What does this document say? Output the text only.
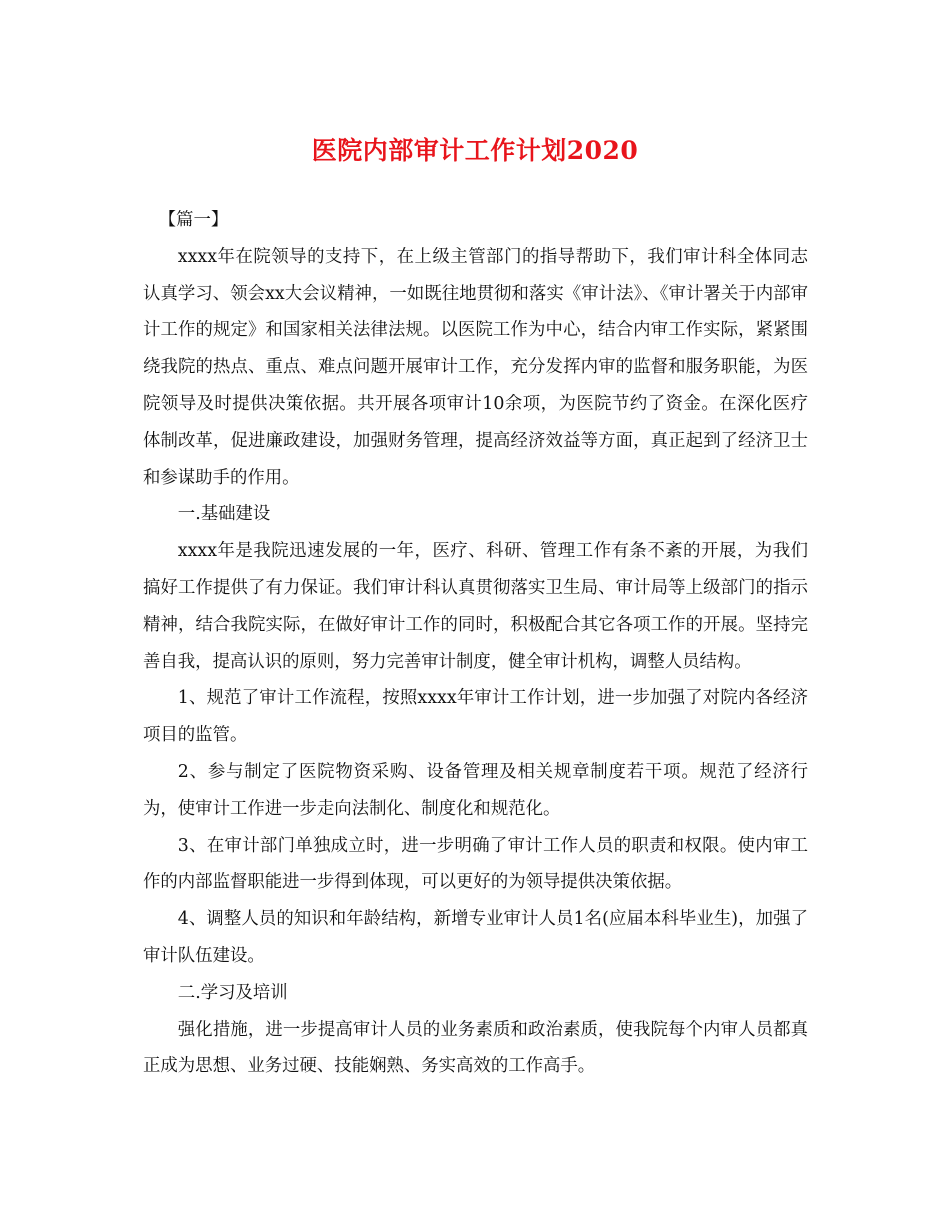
医院内部审计工作计划2020

【篇一】

xxxx年在院领导的支持下，在上级主管部门的指导帮助下，我们审计科全体同志认真学习、领会xx大会议精神，一如既往地贯彻和落实《审计法》、《审计署关于内部审计工作的规定》和国家相关法律法规。以医院工作为中心，结合内审工作实际，紧紧围绕我院的热点、重点、难点问题开展审计工作，充分发挥内审的监督和服务职能，为医院领导及时提供决策依据。共开展各项审计10余项，为医院节约了资金。在深化医疗体制改革，促进廉政建设，加强财务管理，提高经济效益等方面，真正起到了经济卫士和参谋助手的作用。

一.基础建设

xxxx年是我院迅速发展的一年，医疗、科研、管理工作有条不紊的开展，为我们搞好工作提供了有力保证。我们审计科认真贯彻落实卫生局、审计局等上级部门的指示精神，结合我院实际，在做好审计工作的同时，积极配合其它各项工作的开展。坚持完善自我，提高认识的原则，努力完善审计制度，健全审计机构，调整人员结构。

1、规范了审计工作流程，按照xxxx年审计工作计划，进一步加强了对院内各经济项目的监管。

2、参与制定了医院物资采购、设备管理及相关规章制度若干项。规范了经济行为，使审计工作进一步走向法制化、制度化和规范化。

3、在审计部门单独成立时，进一步明确了审计工作人员的职责和权限。使内审工作的内部监督职能进一步得到体现，可以更好的为领导提供决策依据。

4、调整人员的知识和年龄结构，新增专业审计人员1名(应届本科毕业生)，加强了审计队伍建设。

二.学习及培训

强化措施，进一步提高审计人员的业务素质和政治素质，使我院每个内审人员都真正成为思想、业务过硬、技能娴熟、务实高效的工作高手。
